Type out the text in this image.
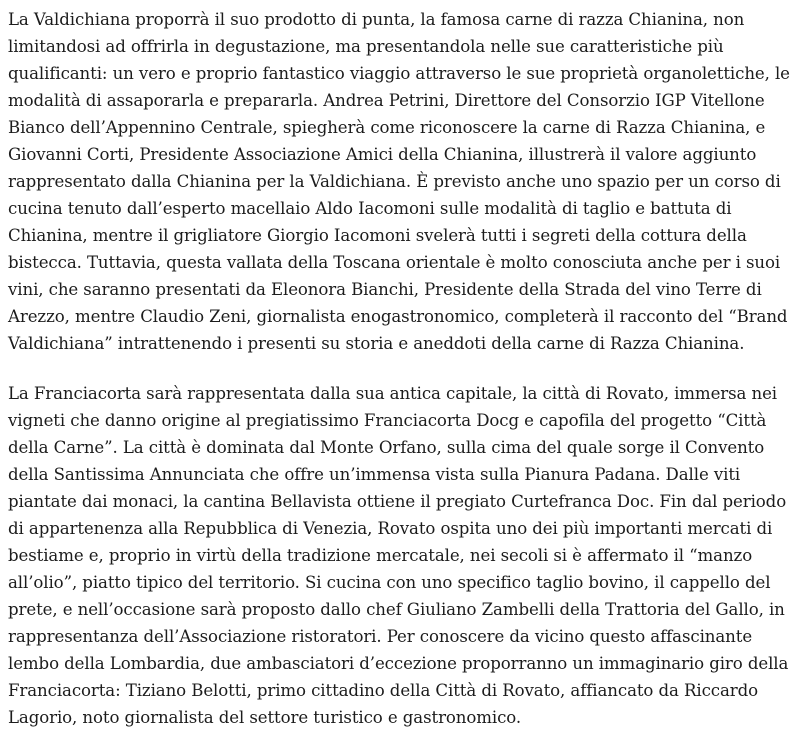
La Valdichiana proporrà il suo prodotto di punta, la famosa carne di razza Chianina, non
limitandosi ad offrirla in degustazione, ma presentandola nelle sue caratteristiche più
qualificanti: un vero e proprio fantastico viaggio attraverso le sue proprietà organolettiche, le
modalità di assaporarla e prepararla. Andrea Petrini, Direttore del Consorzio IGP Vitellone
Bianco dell’Appennino Centrale, spiegherà come riconoscere la carne di Razza Chianina, e
Giovanni Corti, Presidente Associazione Amici della Chianina, illustrerà il valore aggiunto
rappresentato dalla Chianina per la Valdichiana. È previsto anche uno spazio per un corso di
cucina tenuto dall’esperto macellaio Aldo Iacomoni sulle modalità di taglio e battuta di
Chianina, mentre il grigliatore Giorgio Iacomoni svelerà tutti i segreti della cottura della
bistecca. Tuttavia, questa vallata della Toscana orientale è molto conosciuta anche per i suoi
vini, che saranno presentati da Eleonora Bianchi, Presidente della Strada del vino Terre di
Arezzo, mentre Claudio Zeni, giornalista enogastronomico, completerà il racconto del “Brand
Valdichiana” intrattenendo i presenti su storia e aneddoti della carne di Razza Chianina.

La Franciacorta sarà rappresentata dalla sua antica capitale, la città di Rovato, immersa nei
vigneti che danno origine al pregiatissimo Franciacorta Docg e capofila del progetto “Città
della Carne”. La città è dominata dal Monte Orfano, sulla cima del quale sorge il Convento
della Santissima Annunciata che offre un’immensa vista sulla Pianura Padana. Dalle viti
piantate dai monaci, la cantina Bellavista ottiene il pregiato Curtefranca Doc. Fin dal periodo
di appartenenza alla Repubblica di Venezia, Rovato ospita uno dei più importanti mercati di
bestiame e, proprio in virtù della tradizione mercatale, nei secoli si è affermato il “manzo
all’olio”, piatto tipico del territorio. Si cucina con uno specifico taglio bovino, il cappello del
prete, e nell’occasione sarà proposto dallo chef Giuliano Zambelli della Trattoria del Gallo, in
rappresentanza dell’Associazione ristoratori. Per conoscere da vicino questo affascinante
lembo della Lombardia, due ambasciatori d’eccezione proporranno un immaginario giro della
Franciacorta: Tiziano Belotti, primo cittadino della Città di Rovato, affiancato da Riccardo
Lagorio, noto giornalista del settore turistico e gastronomico.
